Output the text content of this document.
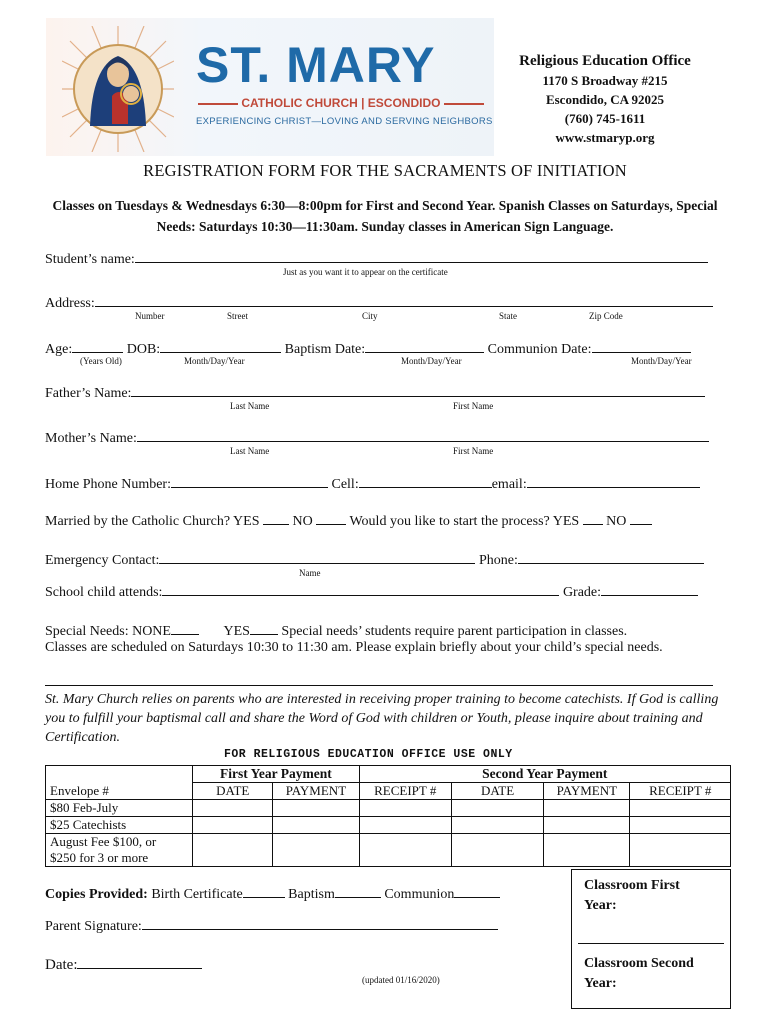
ST. MARY
CATHOLIC CHURCH | ESCONDIDO
EXPERIENCING CHRIST—LOVING AND SERVING NEIGHBORS
Religious Education Office
1170 S Broadway #215
Escondido, CA 92025
(760) 745-1611
www.stmaryp.org
REGISTRATION FORM FOR THE SACRAMENTS OF INITIATION
Classes on Tuesdays & Wednesdays 6:30—8:00pm for First and Second Year. Spanish Classes on Saturdays, Special Needs: Saturdays 10:30—11:30am. Sunday classes in American Sign Language.
Student’s name:
Just as you want it to appear on the certificate
Address:
Number	Street	City	State	Zip Code
Age:	DOB:	Baptism Date:	Communion Date:
(Years Old)	Month/Day/Year	Month/Day/Year	Month/Day/Year
Father’s Name:
Last Name	First Name
Mother’s Name:
Last Name	First Name
Home Phone Number:	Cell:	email:
Married by the Catholic Church? YES NO	Would you like to start the process? YES NO
Emergency Contact:	Phone:
Name
School child attends:	Grade:
Special Needs: NONE	YES Special needs’ students require parent participation in classes.
Classes are scheduled on Saturdays 10:30 to 11:30 am. Please explain briefly about your child’s special needs.
St. Mary Church relies on parents who are interested in receiving proper training to become catechists. If God is calling you to fulfill your baptismal call and share the Word of God with children or Youth, please inquire about training and Certification.
FOR RELIGIOUS EDUCATION OFFICE USE ONLY
	First Year Payment		Second Year Payment			
Envelope #	DATE	PAYMENT	RECEIPT #	DATE	PAYMENT	RECEIPT #
$80 Feb-July						
$25 Catechists						
August Fee $100, or						
$250 for 3 or more						
Copies Provided: Birth Certificate	Baptism	Communion
Parent Signature:
Date:
(updated 01/16/2020)
Classroom First Year:
Classroom Second Year:
